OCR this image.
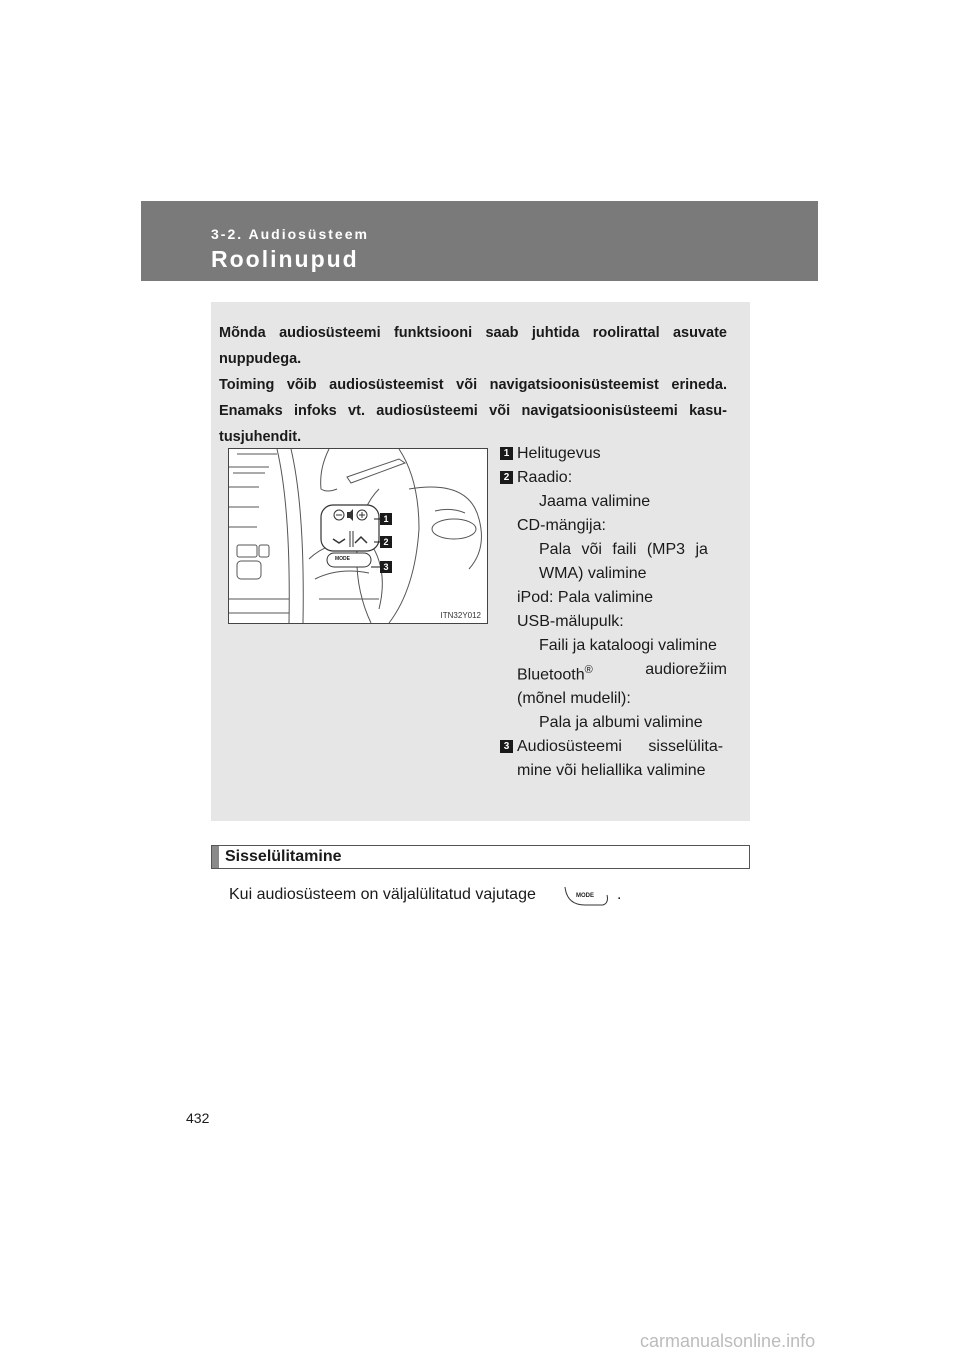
3-2. Audiosüsteem
Roolinupud

Mõnda audiosüsteemi funktsiooni saab juhtida roolirattal asuvate nuppudega.

Toiming võib audiosüsteemist või navigatsioonisüsteemist erineda. Enamaks infoks vt. audiosüsteemi või navigatsioonisüsteemi kasu-tusjuhendit.

MODE
1
2
3
ITN32Y012
1 Helitugevus
2 Raadio:
Jaama valimine
CD-mängija:
Pala või faili (MP3 ja
WMA) valimine
iPod: Pala valimine
USB-mälupulk:
Faili ja kataloogi valimine
Bluetooth®	audiorežiim
(mõnel mudelil):
Pala ja albumi valimine
3 Audiosüsteemi sisselülita-
mine või heliallika valimine
Sisselülitamine
Kui audiosüsteem on väljalülitatud vajutage	MODE .
432
carmanualsonline.info
